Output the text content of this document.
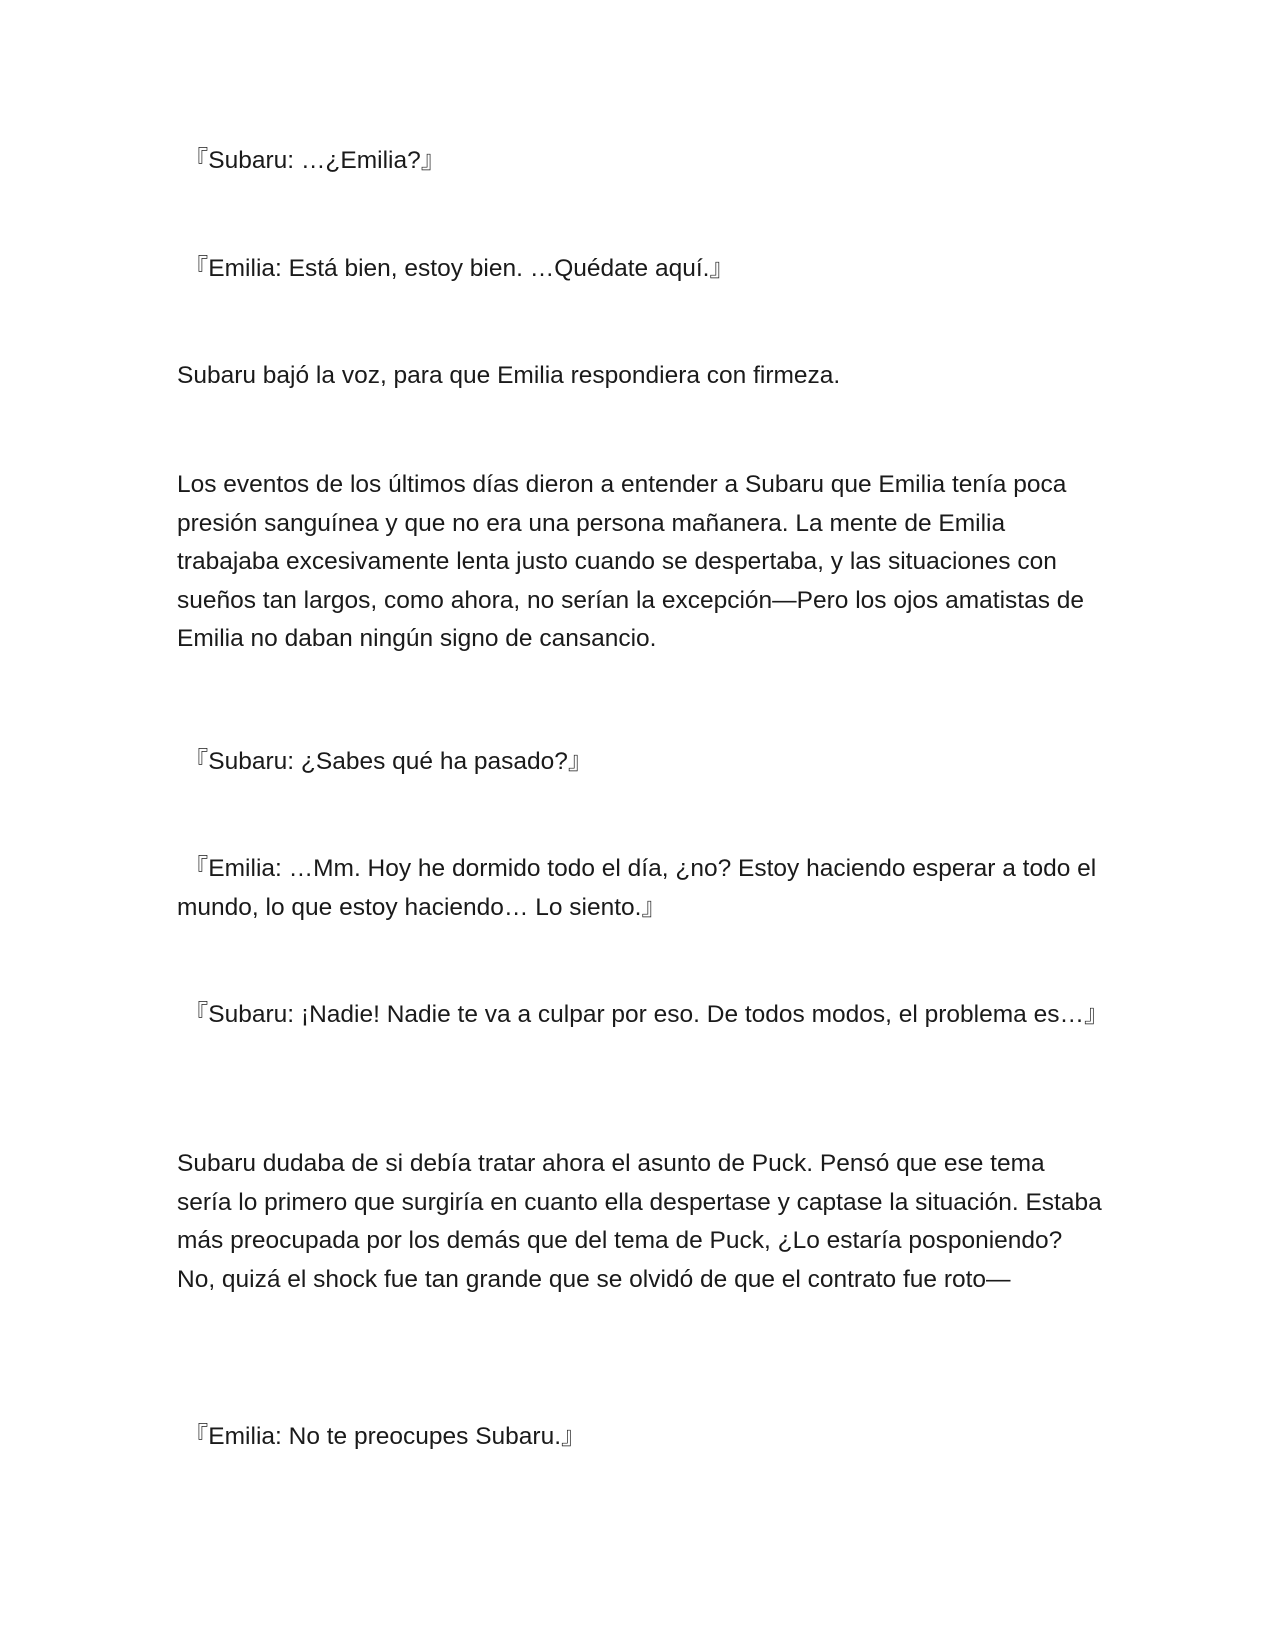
『Subaru: …¿Emilia?』

『Emilia: Está bien, estoy bien. …Quédate aquí.』

Subaru bajó la voz, para que Emilia respondiera con firmeza.

Los eventos de los últimos días dieron a entender a Subaru que Emilia tenía poca presión sanguínea y que no era una persona mañanera. La mente de Emilia trabajaba excesivamente lenta justo cuando se despertaba, y las situaciones con sueños tan largos, como ahora, no serían la excepción—Pero los ojos amatistas de Emilia no daban ningún signo de cansancio.

『Subaru: ¿Sabes qué ha pasado?』

『Emilia: …Mm. Hoy he dormido todo el día, ¿no? Estoy haciendo esperar a todo el mundo, lo que estoy haciendo… Lo siento.』

『Subaru: ¡Nadie! Nadie te va a culpar por eso. De todos modos, el problema es…』

Subaru dudaba de si debía tratar ahora el asunto de Puck. Pensó que ese tema sería lo primero que surgiría en cuanto ella despertase y captase la situación. Estaba más preocupada por los demás que del tema de Puck, ¿Lo estaría posponiendo? No, quizá el shock fue tan grande que se olvidó de que el contrato fue roto—

『Emilia: No te preocupes Subaru.』
